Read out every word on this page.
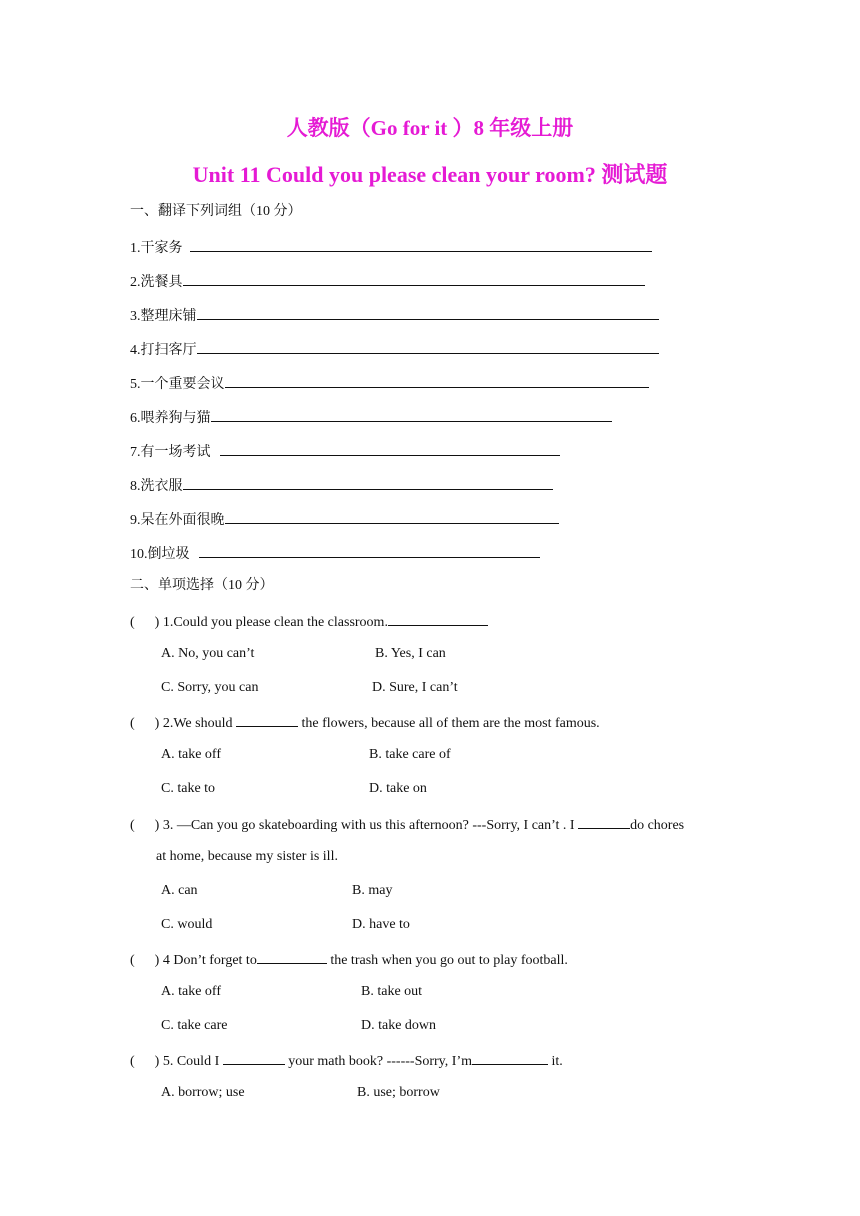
人教版（Go for it ）8 年级上册
Unit 11 Could you please clean your room? 测试题
一、翻译下列词组（10 分）
1.干家务
2.洗餐具
3.整理床铺
4.打扫客厅
5.一个重要会议
6.喂养狗与猫
7.有一场考试
8.洗衣服
9.呆在外面很晚
10.倒垃圾
二、单项选择（10 分）
( ) 1.Could you please clean the classroom.
A. No, you can’t	B. Yes, I can
C. Sorry, you can	D. Sure, I can’t
( ) 2.We should	the flowers, because all of them are the most famous.
A. take off	B. take care of
C. take to	D. take on
( ) 3. —Can you go skateboarding with us this afternoon? ---Sorry, I can’t . I	do chores
at home, because my sister is ill.
A. can	B. may
C. would	D. have to
( ) 4 Don’t forget to	the trash when you go out to play football.
A. take off	B. take out
C. take care	D. take down
( ) 5. Could I	your math book? ------Sorry, I’m	it.
A. borrow; use	B. use; borrow
